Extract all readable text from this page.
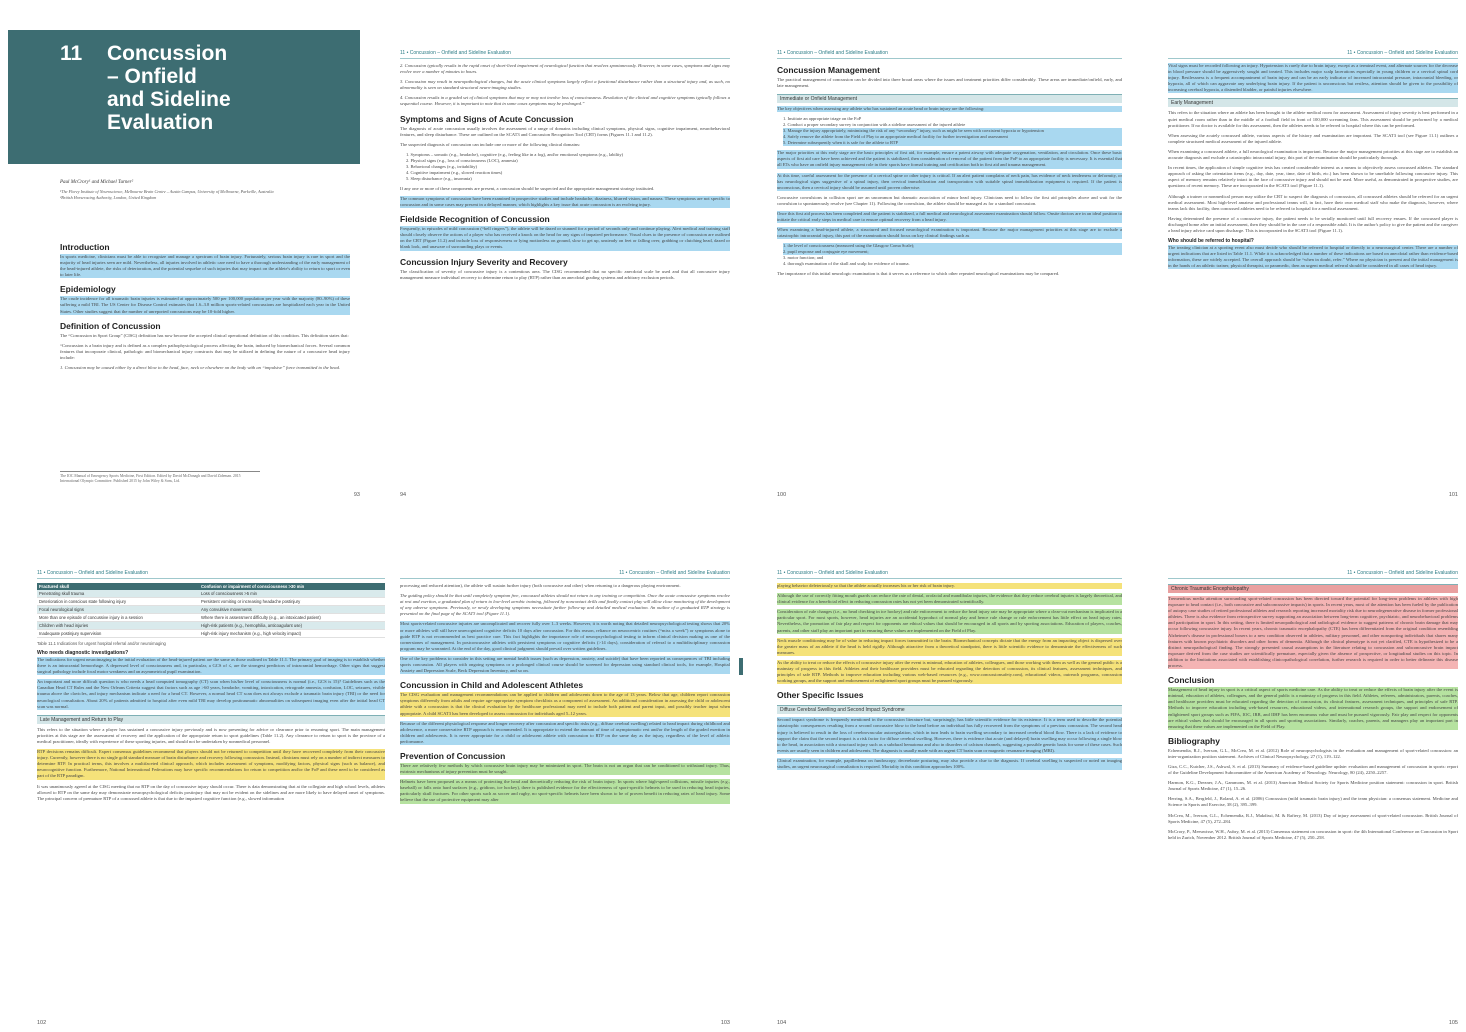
11 Concussion
– Onfield
and Sideline
Evaluation
Paul McCrory¹ and Michael Turner²
¹The Florey Institute of Neuroscience, Melbourne Brain Centre – Austin Campus, University of Melbourne, Parkville, Australia
²British Horseracing Authority, London, United Kingdom
Introduction
In sports medicine, clinicians must be able to recognize and manage a spectrum of brain injury. Fortunately, serious brain injury is rare in sport and the majority of head injuries seen are mild. Nevertheless, all injuries involved in athletic care need to have a thorough understanding of the early management of the head-injured athlete, the risks of deterioration, and the potential sequelae of such injuries that may impact on the athlete's ability to return to sport or even to later life.
Epidemiology
The crude incidence for all traumatic brain injuries is estimated at approximately 500 per 100,000 population per year with the majority (80–90%) of these suffering a mild TBI. The US Center for Disease Control estimates that 1.6–3.8 million sports-related concussions are hospitalized each year in the United States. Other studies suggest that the number of unreported concussions may be 10-fold higher.
Definition of Concussion
The “Concussion in Sport Group” (CISG) definition has now become the accepted clinical operational definition of this condition. This definition states that:
“Concussion is a brain injury and is defined as a complex pathophysiological process affecting the brain, induced by biomechanical forces. Several common features that incorporate clinical, pathologic and biomechanical injury constructs that may be utilized in defining the nature of a concussive head injury include:
1. Concussion may be caused either by a direct blow to the head, face, neck or elsewhere on the body with an “impulsive” force transmitted to the head.
The IOC Manual of Emergency Sports Medicine, First Edition. Edited by David McDonagh and David Zideman. 2015 International Olympic Committee. Published 2015 by John Wiley & Sons, Ltd.
93
11 • Concussion – Onfield and Sideline Evaluation
2. Concussion typically results in the rapid onset of short-lived impairment of neurological function that resolves spontaneously. However, in some cases, symptoms and signs may evolve over a number of minutes to hours.
3. Concussion may result in neuropathological changes, but the acute clinical symptoms largely reflect a functional disturbance rather than a structural injury and, as such, no abnormality is seen on standard structural neuro-imaging studies.
4. Concussion results in a graded set of clinical symptoms that may or may not involve loss of consciousness. Resolution of the clinical and cognitive symptoms typically follows a sequential course. However, it is important to note that in some cases symptoms may be prolonged.”
Symptoms and Signs of Acute Concussion
The diagnosis of acute concussion usually involves the assessment of a range of domains including clinical symptoms, physical signs, cognitive impairment, neurobehavioral features, and sleep disturbance. These are outlined on the SCAT3 and Concussion Recognition Tool (CRT) forms (Figures 11.1 and 11.2).
The suspected diagnosis of concussion can include one or more of the following clinical domains:
1. Symptoms – somatic (e.g., headache), cognitive (e.g., feeling like in a fog), and/or emotional symptoms (e.g., lability)
2. Physical signs (e.g., loss of consciousness (LOC), amnesia)
3. Behavioral changes (e.g., irritability)
4. Cognitive impairment (e.g., slowed reaction times)
5. Sleep disturbance (e.g., insomnia)
If any one or more of these components are present, a concussion should be suspected and the appropriate management strategy instituted.
The common symptoms of concussion have been examined in prospective studies and include headache, dizziness, blurred vision, and nausea. These symptoms are not specific to concussion and in some cases may present in a delayed manner, which highlights a key issue that acute concussion is an evolving injury.
Fieldside Recognition of Concussion
Frequently, in episodes of mild concussion (“bell ringers”), the athlete will be dazed or stunned for a period of seconds only and continue playing. Alert medical and training staff should closely observe the actions of a player who has received a knock on the head for any signs of impaired performance. Visual clues to the presence of concussion are outlined on the CRT (Figure 11.2) and include loss of responsiveness or lying motionless on ground, slow to get up, unsteady on feet or falling over, grabbing or clutching head, dazed or blank look, and unaware of surrounding plays or events.
Concussion Injury Severity and Recovery
The classification of severity of concussive injury is a contentious area. The CISG recommended that no specific anecdotal scale be used and that all concussive injury management measure individual recovery to determine return to play (RTP) rather than an anecdotal grading systems and arbitrary exclusion periods.
94
11 • Concussion – Onfield and Sideline Evaluation
Concussion Management
The practical management of concussion can be divided into three broad areas where the issues and treatment priorities differ considerably. These areas are immediate/onfield, early, and late management.
Immediate or Onfield Management
The key objectives when assessing any athlete who has sustained an acute head or brain injury are the following:
1. Institute an appropriate triage on the FoP
2. Conduct a proper secondary survey in conjunction with a sideline assessment of the injured athlete
3. Manage the injury appropriately, minimizing the risk of any “secondary” injury, such as might be seen with coexistent hypoxia or hypotension
4. Safely remove the athlete from the Field of Play to an appropriate medical facility for further investigation and assessment
5. Determine subsequently when it is safe for the athlete to RTP
The major priorities at this early stage are the basic principles of first aid, for example, ensure a patent airway with adequate oxygenation, ventilation, and circulation. Once these basic aspects of first aid care have been achieved and the patient is stabilized, then consideration of removal of the patient from the FoP to an appropriate facility is necessary. It is essential that all ETs who have an onfield injury management role in their sports have formal training and certification both in first aid and trauma management.
At this time, careful assessment for the presence of a cervical spine or other injury is critical. If an alert patient complains of neck pain, has evidence of neck tenderness or deformity, or has neurological signs suggestive of a spinal injury, then cervical immobilization and transportation with suitable spinal immobilization equipment is required. If the patient is unconscious, then a cervical injury should be assumed until proven otherwise.
Concussive convulsions in collision sport are an uncommon but dramatic association of minor head injury. Clinicians need to follow the first aid principles above and wait for the convulsion to spontaneously resolve (see Chapter 11). Following the convulsion, the athlete should be managed as for a standard concussion.
Once this first aid process has been completed and the patient is stabilized, a full medical and neurological assessment examination should follow. Onsite doctors are in an ideal position to initiate the critical early steps in medical care to ensure optimal recovery from a head injury.
When examining a head-injured athlete, a structured and focused neurological examination is important. Because the major management priorities at this stage are to exclude a catastrophic intracranial injury, this part of the examination should focus on key clinical findings such as
1. the level of consciousness (measured using the Glasgow Coma Scale);
2. pupil response and conjugate eye movement;
3. motor function; and
4. thorough examination of the skull and scalp for evidence of trauma.
The importance of this initial neurologic examination is that it serves as a reference to which other repeated neurological examinations may be compared.
100
11 • Concussion – Onfield and Sideline Evaluation
Vital signs must be recorded following an injury. Hypotension is rarely due to brain injury, except as a terminal event, and alternate sources for the decrease in blood pressure should be aggressively sought and treated. This includes major scalp lacerations especially in young children or a cervical spinal cord injury. Restlessness is a frequent accompaniment of brain injury and can be an early indicator of increased intracranial pressure, intracranial bleeding, or hypoxia, all of which can aggravate any underlying brain injury. If the patient is unconscious but restless, attention should be given to the possibility of increasing cerebral hypoxia, a distended bladder, or painful injuries elsewhere.
Early Management
This refers to the situation where an athlete has been brought to the athlete medical room for assessment. Assessment of injury severity is best performed in a quiet medical room rather than in the middle of a football field in front of 100,000 screaming fans. This assessment should be performed by a medical practitioner. If no doctor is available for this assessment, then the athletes needs to be referred to hospital where this can be performed.
When assessing the acutely concussed athlete, various aspects of the history and examination are important. The SCAT3 tool (see Figure 11.1) outlines a complete structured medical assessment of the injured athlete.
When examining a concussed athlete, a full neurological examination is important. Because the major management priorities at this stage are to establish an accurate diagnosis and exclude a catastrophic intracranial injury, this part of the examination should be particularly thorough.
In recent times, the application of simple cognitive tests has created considerable interest as a means to objectively assess concussed athletes. The standard approach of asking the orientation items (e.g., day, date, year, time, date of birth, etc.) has been shown to be unreliable following concussive injury. This aspect of memory remains relatively intact in the face of concussive injury and should not be used. More useful, as demonstrated in prospective studies, are questions of recent memory. These are incorporated in the SCAT3 tool (Figure 11.1).
Although a trainer or nonmedical person may utilize the CRT to suspect the diagnosis of concussion, all concussed athletes should be referred for an urgent medical assessment. Most high-level amateur and professional teams will, in fact, have their own medical staff who make the diagnosis, however, where teams lack this facility, then concussed athletes need to be referred to hospital for a medical assessment.
Having determined the presence of a concussive injury, the patient needs to be serially monitored until full recovery ensues. If the concussed player is discharged home after an initial assessment, then they should be in the care of a responsible adult. It is the author's policy to give the patient and the caregiver a head injury advice card upon discharge. This is incorporated in the SCAT3 tool (Figure 11.1).
Who should be referred to hospital?
The treating clinician at a sporting event also must decide who should be referred to hospital or directly to a neurosurgical center. There are a number of urgent indications that are listed in Table 11.1. While it is acknowledged that a number of these indications are based on anecdotal rather than evidence-based information, these are widely accepted. The overall approach should be “when in doubt, refer.” Where no physician is present and the initial management is in the hands of an athletic trainer, physical therapist, or paramedic, then an urgent medical referral should be considered in all cases of head injury.
101
11 • Concussion – Onfield and Sideline Evaluation
Fractured skull	Confusion or impairment of consciousness >30 min
Penetrating skull trauma	Loss of consciousness >5 min
Deterioration in conscious state following injury	Persistent vomiting or increasing headache postinjury
Focal neurological signs	Any convulsive movements
More than one episode of concussive injury in a session	Where there is assessment difficulty (e.g., an intoxicated patient)
Children with head injuries	High-risk patients (e.g., hemophilia, anticoagulant use)
Inadequate postinjury supervision	High-risk injury mechanism (e.g., high velocity impact)
Table 11.1 Indications for urgent hospital referral and/or neuroimaging
Who needs diagnostic investigations?
The indications for urgent neuroimaging in the initial evaluation of the head-injured patient are the same as those outlined in Table 11.1. The primary goal of imaging is to establish whether there is an intracranial hemorrhage. A depressed level of consciousness and, in particular, a GCS of ≤, are the strongest predictors of intracranial hemorrhage. Other signs that suggest surgical pathology include focal motor weakness and an asymmetrical pupil examination.
An important and more difficult question is who needs a head computed tomography (CT) scan when his/her level of consciousness is normal (i.e., GCS is 15)? Guidelines such as the Canadian Head CT Rules and the New Orleans Criteria suggest that factors such as age >60 years, headache, vomiting, intoxication, retrograde amnesia, confusion, LOC, seizures, visible trauma above the clavicles, and injury mechanism indicate a need for a head CT. However, a normal head CT scan does not always exclude a traumatic brain injury (TBI) or the need for neurological consultation. About 20% of patients admitted to hospital after even mild TBI may develop posttraumatic abnormalities on subsequent imaging even after the initial head CT scan was normal.
Late Management and Return to Play
This refers to the situation where a player has sustained a concussive injury previously and is now presenting for advice or clearance prior to resuming sport. The main management priorities at this stage are the assessment of recovery and the application of the appropriate return to sport guidelines (Table 11.2). Any clearance to return to sport is the province of a medical practitioner, ideally with experience of these sporting injuries, and should not be undertaken by nonmedical personnel.
RTP decisions remains difficult. Expert consensus guidelines recommend that players should not be returned to competition until they have recovered completely from their concussive injury. Currently, however there is no single gold standard measure of brain disturbance and recovery following concussion. Instead, clinicians must rely on a number of indirect measures to determine RTP. In practical terms, this involves a multifaceted clinical approach, which includes assessment of symptoms, modifying factors, physical signs (such as balance), and neurocognitive function. Furthermore, National International Federations may have specific recommendations for return to competition and/or the FoP and these need to be considered as part of the RTP paradigm.
It was unanimously agreed at the CISG meeting that no RTP on the day of concussive injury should occur. There is data demonstrating that at the collegiate and high school levels, athletes allowed to RTP on the same day may demonstrate neuropsychological deficits postinjury that may not be evident on the sidelines and are more likely to have delayed onset of symptoms. The principal concern of premature RTP of a concussed athlete is that due to the impaired cognitive function (e.g., slowed information
102
11 • Concussion – Onfield and Sideline Evaluation
processing and reduced attention), the athlete will sustain further injury (both concussive and other) when returning to a dangerous playing environment.
The guiding policy should be that until completely symptom free, concussed athletes should not return to any training or competition. Once the acute concussive symptoms resolve at rest and exertion, a graduated plan of return to low-level aerobic training, followed by noncontact drills and finally contact play will allow close monitoring of the development of any adverse symptoms. Previously, or newly developing symptoms necessitate further follow-up and detailed medical evaluation. An outline of a graduated RTP strategy is presented on the final page of the SCAT3 tool (Figure 11.1).
Most sports-related concussive injuries are uncomplicated and recover fully over 1–3 weeks. However, it is worth noting that detailed neuropsychological testing shows that 20% or more athletes will still have unrecognized cognitive deficits 10 days after concussion. For this reason, reliance on neurocentric routines (“miss a week”) or symptoms alone to guide RTP is not recommended as best practice care. This fact highlights the importance role of neuropsychological testing to inform clinical decision making as one of the cornerstones of management. In postconcussive athletes with persistent symptoms or cognitive deficits (>14 days), consideration of referral to a multidisciplinary concussion program may be warranted. At the end of the day, good clinical judgment should prevail over written guidelines.
One of the key problems to consider in this setting are mental health issues (such as depression, anxiety, and suicide) that have been reported as consequences of TBI including sports concussion. All players with ongoing symptoms or a prolonged clinical course should be screened for depression using standard clinical tools, for example, Hospital Anxiety and Depression Scale, Beck Depression Inventory, and so on.
Concussion in Child and Adolescent Athletes
The CISG evaluation and management recommendations can be applied to children and adolescents down to the age of 13 years. Below that age, children report concussion symptoms differently from adults and require age-appropriate symptom checklists as a component of assessment. An additional consideration in assessing the child or adolescent athlete with a concussion is that the clinical evaluation by the healthcare professional may need to include both patient and parent input, and possibly teacher input when appropriate. A child SCAT3 has been developed to assess concussion for individuals aged 5–12 years.
Because of the different physiological response and longer recovery after concussion and specific risks (e.g., diffuse cerebral swelling) related to head impact during childhood and adolescence, a more conservative RTP approach is recommended. It is appropriate to extend the amount of time of asymptomatic rest and/or the length of the graded exertion in children and adolescents. It is never appropriate for a child or adolescent athlete with concussion to RTP on the same day as the injury, regardless of the level of athletic performance.
Prevention of Concussion
There are relatively few methods by which concussive brain injury may be minimized in sport. The brain is not an organ that can be conditioned to withstand injury. Thus, extrinsic mechanisms of injury prevention must be sought.
Helmets have been proposed as a means of protecting the head and theoretically reducing the risk of brain injury. In sports where high-speed collisions, missile injuries (e.g., baseball) or falls onto hard surfaces (e.g., gridiron, ice hockey), there is published evidence for the effectiveness of sport-specific helmets to be used in reducing head injuries, particularly skull fractures. For other sports such as soccer and rugby, no sport-specific helmets have been shown to be of proven benefit in reducing rates of head injury. Some believe that the use of protective equipment may alter
103
11 • Concussion – Onfield and Sideline Evaluation
playing behavior deleteriously so that the athlete actually increases his or her risk of brain injury.
Although the use of correctly fitting mouth guards can reduce the rate of dental, orofacial and mandibular injuries, the evidence that they reduce cerebral injuries is largely theoretical, and clinical evidence for a beneficial effect in reducing concussion rates has not yet been demonstrated scientifically.
Consideration of rule changes (i.e., no head checking in ice hockey) and rule enforcement to reduce the head injury rate may be appropriate where a clear-cut mechanism is implicated in a particular sport. For most sports, however, head injuries are an accidental byproduct of normal play and hence rule change or rule enforcement has little effect on head injury rates. Nevertheless, the promotion of fair play and respect for opponents are ethical values that should be encouraged in all sports and by sporting associations. Education of players, coaches, parents, and other staff play an important part in ensuring these values are implemented on the Field of Play.
Neck muscle conditioning may be of value in reducing impact forces transmitted to the brain. Biomechanical concepts dictate that the energy from an impacting object is dispersed over the greater mass of an athlete if the head is held rigidly. Although attractive from a theoretical standpoint, there is little scientific evidence to demonstrate the effectiveness of such measures.
As the ability to treat or reduce the effects of concussive injury after the event is minimal, education of athletes, colleagues, and those working with them as well as the general public is a mainstay of progress in this field. Athletes and their healthcare providers must be educated regarding the detection of concussion, its clinical features, assessment techniques, and principles of safe RTP. Methods to improve education including various web-based resources (e.g., www.concussionsafety.com), educational videos, outreach programs, concussion working groups, and the support and endorsement of enlightened sport groups must be pursued vigorously.
Other Specific Issues
Diffuse Cerebral Swelling and Second Impact Syndrome
Second impact syndrome is frequently mentioned in the concussion literature but, surprisingly, has little scientific evidence for its existence. It is a term used to describe the potential catastrophic consequences resulting from a second concussive blow to the head before an individual has fully recovered from the symptoms of a previous concussion. The second head injury is believed to result in the loss of cerebrovascular autoregulation, which in turn leads to brain swelling secondary to increased cerebral blood flow. There is a lack of evidence to support the claim that the second impact is a risk factor for diffuse cerebral swelling. However, there is evidence that acute (and delayed) brain swelling may occur following a single blow to the head, in association with a structural injury such as a subdural hematoma and also in disorders of calcium channels, suggesting a possible genetic basis for some of these cases. Such events are usually seen in children and adolescents. The diagnosis is usually made with an urgent CT brain scan or magnetic resonance imaging (MRI).
Clinical examination, for example, papilledema on fundoscopy, decerebrate posturing, may also provide a clue to the diagnosis. If cerebral swelling is suspected or noted on imaging studies, an urgent neurosurgical consultation is required. Mortality in this condition approaches 100%.
104
11 • Concussion – Onfield and Sideline Evaluation
Chronic Traumatic Encephalopathy
Tremendous media attention surrounding sport-related concussion has been directed toward the potential for long-term problems in athletes with high exposure to head contact (i.e., both concussive and subconcussive impacts) in sports. In recent years, most of the attention has been fueled by the publication of autopsy case studies of retired professional athletes and research reporting increased mortality risk due to neurodegenerative disease in former professional athletes. There is also evidence from retrospective survey supporting an association between long-term cognitive, psychiatric, and neurobehavioral problems and participation in sport. In this setting, there is limited neuropathological and radiological evidence to suggest patterns of chronic brain damage that may occur following concussive injury. In recent years, chronic traumatic encephalopathy (CTE) has been differentiated from the original condition resembling Alzheimer's disease in professional boxers to a new condition observed in athletes, military personnel, and other nonsporting individuals that shares many features with known psychiatric disorders and other forms of dementia. Although the clinical phenotype is not yet clarified, CTE is hypothesized to be a distinct neuropathological finding. The strongly presented causal assumptions in the literature relating to concussion and subconcussive brain impact exposure derived from the case studies are scientifically premature, especially given the absence of prospective, or longitudinal studies on this topic. In addition to the limitations associated with establishing clinicopathological correlation, further research is required in order to better delineate this disease process.
Conclusion
Management of head injury in sport is a critical aspect of sports medicine care. As the ability to treat or reduce the effects of brain injury after the event is minimal, education of athletes, colleagues, and the general public is a mainstay of progress in this field. Athletes, referees, administrators, parents, coaches, and healthcare providers must be educated regarding the detection of concussion, its clinical features, assessment techniques, and principles of safe RTP. Methods to improve education including web-based resources, educational videos, and international research groups, the support and endorsement of enlightened sport groups such as FIFA, IOC, IRB, and IIHF has been enormous value and must be pursued vigorously. Fair play and respect for opponents are ethical values that should be encouraged in all sports and sporting associations. Similarly, coaches, parents, and managers play an important part in ensuring that these values are implemented on the Field of Play.
Bibliography
Echemendia, R.J., Iverson, G.L., McCrea, M. et al. (2012) Role of neuropsychologists in the evaluation and management of sport-related concussion: an inter-organization position statement. Archives of Clinical Neuropsychology, 27 (1), 119–122.
Giza, C.C., Kutcher, J.S., Ashwal, S. et al. (2013) Summary of evidence-based guideline update: evaluation and management of concussion in sports: report of the Guideline Development Subcommittee of the American Academy of Neurology. Neurology, 80 (24), 2250–2257.
Harmon, K.G., Drezner, J.A., Gammons, M. et al. (2013) American Medical Society for Sports Medicine position statement: concussion in sport. British Journal of Sports Medicine, 47 (1), 15–26.
Herring, S.A., Bergfeld, J., Boland, A. et al. (2006) Concussion (mild traumatic brain injury) and the team physician: a consensus statement. Medicine and Science in Sports and Exercise, 38 (2), 395–399.
McCrea, M., Iverson, G.L., Echemendia, R.J., Makdissi, M. & Raftery, M. (2013) Day of injury assessment of sport-related concussion. British Journal of Sports Medicine, 47 (5), 272–284.
McCrory, P., Meeuwisse, W.H., Aubry, M. et al. (2013) Consensus statement on concussion in sport: the 4th International Conference on Concussion in Sport held in Zurich, November 2012. British Journal of Sports Medicine, 47 (5), 250–258.
105
